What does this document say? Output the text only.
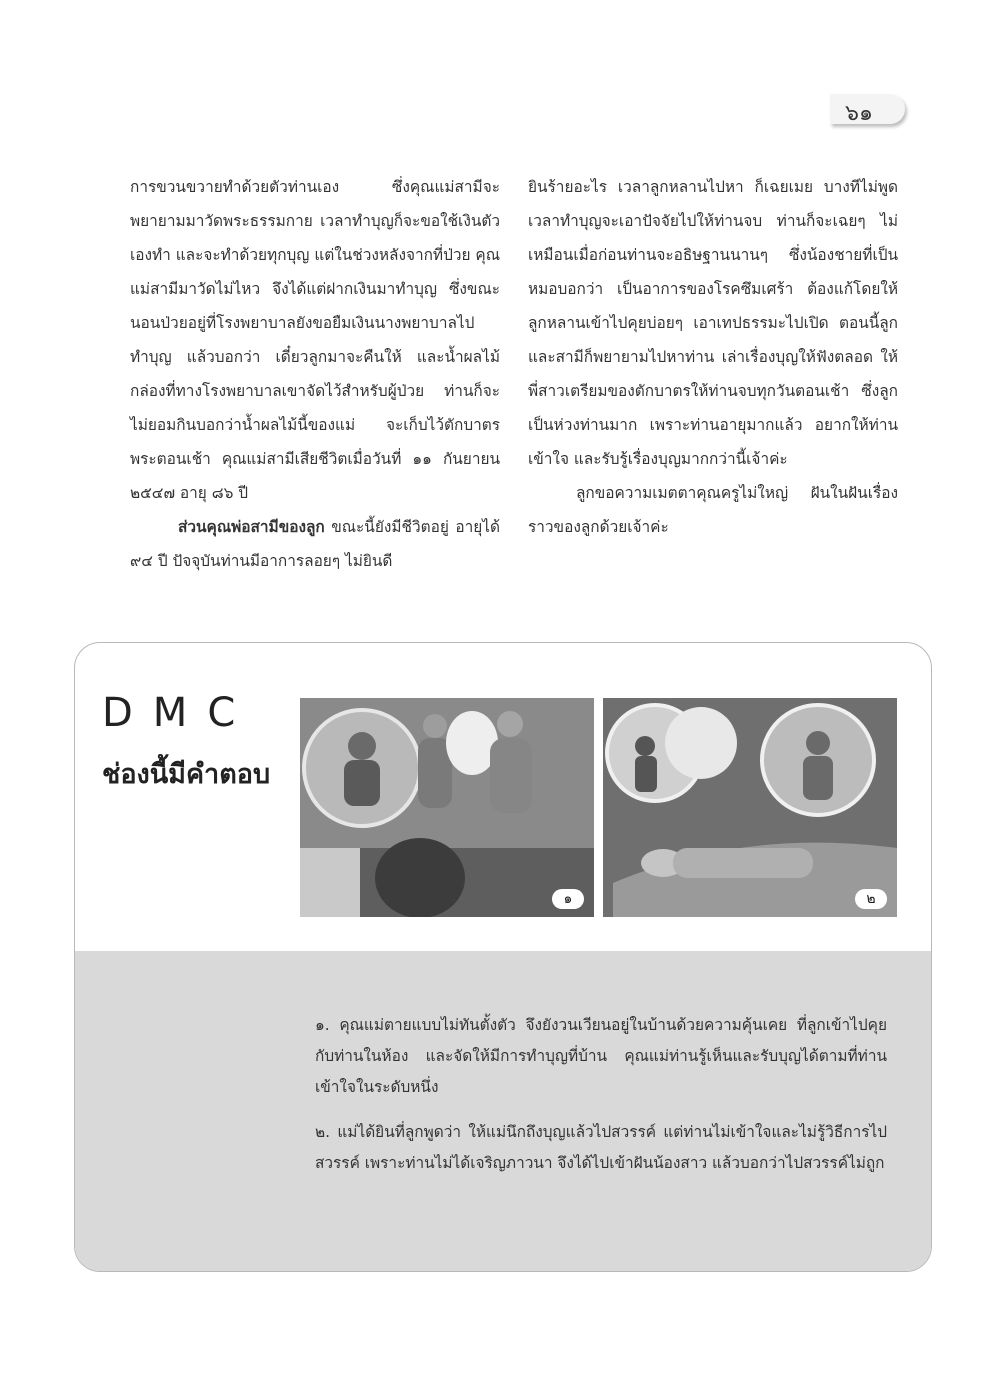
๖๑

การขวนขวายทำด้วยตัวท่านเอง ซึ่งคุณแม่สามีจะพยายามมาวัดพระธรรมกาย เวลาทำบุญก็จะขอใช้เงินตัวเองทำ และจะทำด้วยทุกบุญ แต่ในช่วงหลังจากที่ป่วย คุณแม่สามีมาวัดไม่ไหว จึงได้แต่ฝากเงินมาทำบุญ ซึ่งขณะนอนป่วยอยู่ที่โรงพยาบาลยังขอยืมเงินนางพยาบาลไปทำบุญ แล้วบอกว่า เดี๋ยวลูกมาจะคืนให้ และน้ำผลไม้กล่องที่ทางโรงพยาบาลเขาจัดไว้สำหรับผู้ป่วย ท่านก็จะไม่ยอมกินบอกว่าน้ำผลไม้นี้ของแม่ จะเก็บไว้ตักบาตรพระตอนเช้า คุณแม่สามีเสียชีวิตเมื่อวันที่ ๑๑ กันยายน ๒๕๔๗ อายุ ๘๖ ปี

ส่วนคุณพ่อสามีของลูก ขณะนี้ยังมีชีวิตอยู่ อายุได้ ๙๔ ปี ปัจจุบันท่านมีอาการลอยๆ ไม่ยินดี

ยินร้ายอะไร เวลาลูกหลานไปหา ก็เฉยเมย บางทีไม่พูด เวลาทำบุญจะเอาปัจจัยไปให้ท่านจบ ท่านก็จะเฉยๆ ไม่เหมือนเมื่อก่อนท่านจะอธิษฐานนานๆ ซึ่งน้องชายที่เป็นหมอบอกว่า เป็นอาการของโรคซึมเศร้า ต้องแก้โดยให้ลูกหลานเข้าไปคุยบ่อยๆ เอาเทปธรรมะไปเปิด ตอนนี้ลูกและสามีก็พยายามไปหาท่าน เล่าเรื่องบุญให้ฟังตลอด ให้พี่สาวเตรียมของตักบาตรให้ท่านจบทุกวันตอนเช้า ซึ่งลูกเป็นห่วงท่านมาก เพราะท่านอายุมากแล้ว อยากให้ท่านเข้าใจ และรับรู้เรื่องบุญมากกว่านี้เจ้าค่ะ

ลูกขอความเมตตาคุณครูไม่ใหญ่ ฝันในฝันเรื่องราวของลูกด้วยเจ้าค่ะ

DMC
ช่องนี้มีคำตอบ
๑	๒

๑. คุณแม่ตายแบบไม่ทันตั้งตัว จึงยังวนเวียนอยู่ในบ้านด้วยความคุ้นเคย ที่ลูกเข้าไปคุยกับท่านในห้อง และจัดให้มีการทำบุญที่บ้าน คุณแม่ท่านรู้เห็นและรับบุญได้ตามที่ท่านเข้าใจในระดับหนึ่ง

๒. แม่ได้ยินที่ลูกพูดว่า ให้แม่นึกถึงบุญแล้วไปสวรรค์ แต่ท่านไม่เข้าใจและไม่รู้วิธีการไปสวรรค์ เพราะท่านไม่ได้เจริญภาวนา จึงได้ไปเข้าฝันน้องสาว แล้วบอกว่าไปสวรรค์ไม่ถูก
